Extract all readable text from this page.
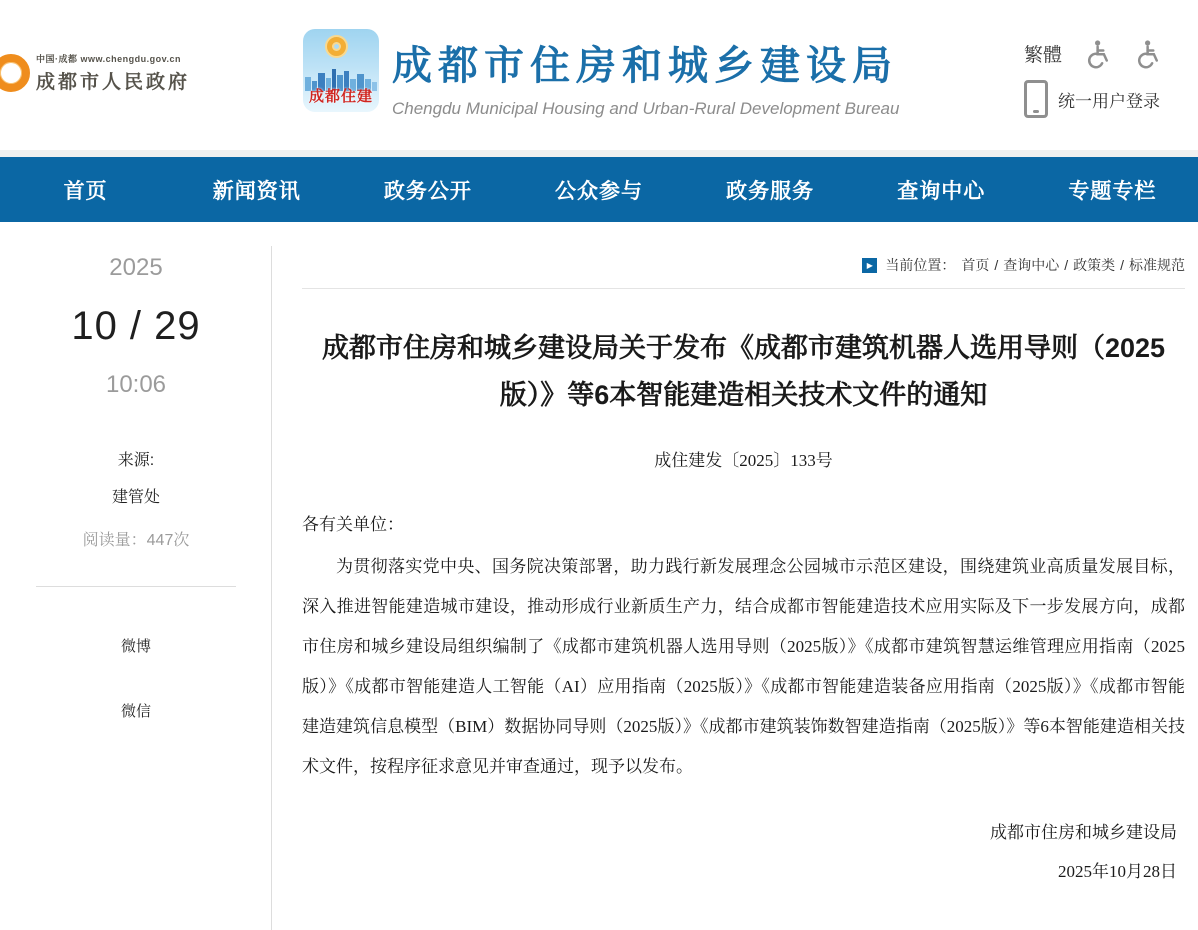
中国·成都 www.chengdu.gov.cn
成都市人民政府
成都住建
成都市住房和城乡建设局
Chengdu Municipal Housing and Urban-Rural Development Bureau
繁體
统一用户登录
首页	新闻资讯	政务公开	公众参与	政务服务	查询中心	专题专栏
2025
10 / 29
10:06
来源:
建管处
阅读量：447次
微博
微信
▶ 当前位置： 首页 / 查询中心 / 政策类 / 标准规范
成都市住房和城乡建设局关于发布《成都市建筑机器人选用导则（2025版）》等6本智能建造相关技术文件的通知
成住建发〔2025〕133号
各有关单位：
为贯彻落实党中央、国务院决策部署，助力践行新发展理念公园城市示范区建设，围绕建筑业高质量发展目标，深入推进智能建造城市建设，推动形成行业新质生产力，结合成都市智能建造技术应用实际及下一步发展方向，成都市住房和城乡建设局组织编制了《成都市建筑机器人选用导则（2025版）》《成都市建筑智慧运维管理应用指南（2025版）》《成都市智能建造人工智能（AI）应用指南（2025版）》《成都市智能建造装备应用指南（2025版）》《成都市智能建造建筑信息模型（BIM）数据协同导则（2025版）》《成都市建筑装饰数智建造指南（2025版）》等6本智能建造相关技术文件，按程序征求意见并审查通过，现予以发布。
成都市住房和城乡建设局
2025年10月28日
